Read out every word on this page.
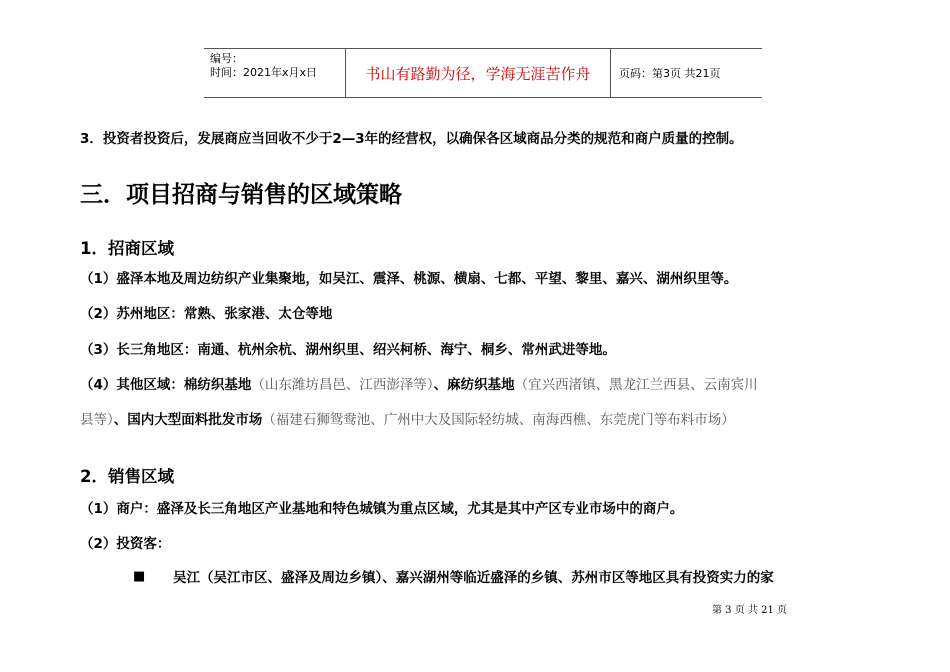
编号：
时间：2021年x月x日	书山有路勤为径，学海无涯苦作舟	页码：第3页 共21页
3．投资者投资后，发展商应当回收不少于2—3年的经营权，以确保各区域商品分类的规范和商户质量的控制。
三．项目招商与销售的区域策略
1．招商区域
（1）盛泽本地及周边纺织产业集聚地，如吴江、震泽、桃源、横扇、七都、平望、黎里、嘉兴、湖州织里等。
（2）苏州地区：常熟、张家港、太仓等地
（3）长三角地区：南通、杭州余杭、湖州织里、绍兴柯桥、海宁、桐乡、常州武进等地。
（4）其他区域：棉纺织基地（山东潍坊昌邑、江西澎泽等）、麻纺织基地（宜兴西渚镇、黑龙江兰西县、云南宾川
县等）、国内大型面料批发市场（福建石狮鸳鸯池、广州中大及国际轻纺城、南海西樵、东莞虎门等布料市场）
2．销售区域
（1）商户：盛泽及长三角地区产业基地和特色城镇为重点区域，尤其是其中产区专业市场中的商户。
（2）投资客：
■ 吴江（吴江市区、盛泽及周边乡镇）、嘉兴湖州等临近盛泽的乡镇、苏州市区等地区具有投资实力的家
第 3 页 共 21 页
